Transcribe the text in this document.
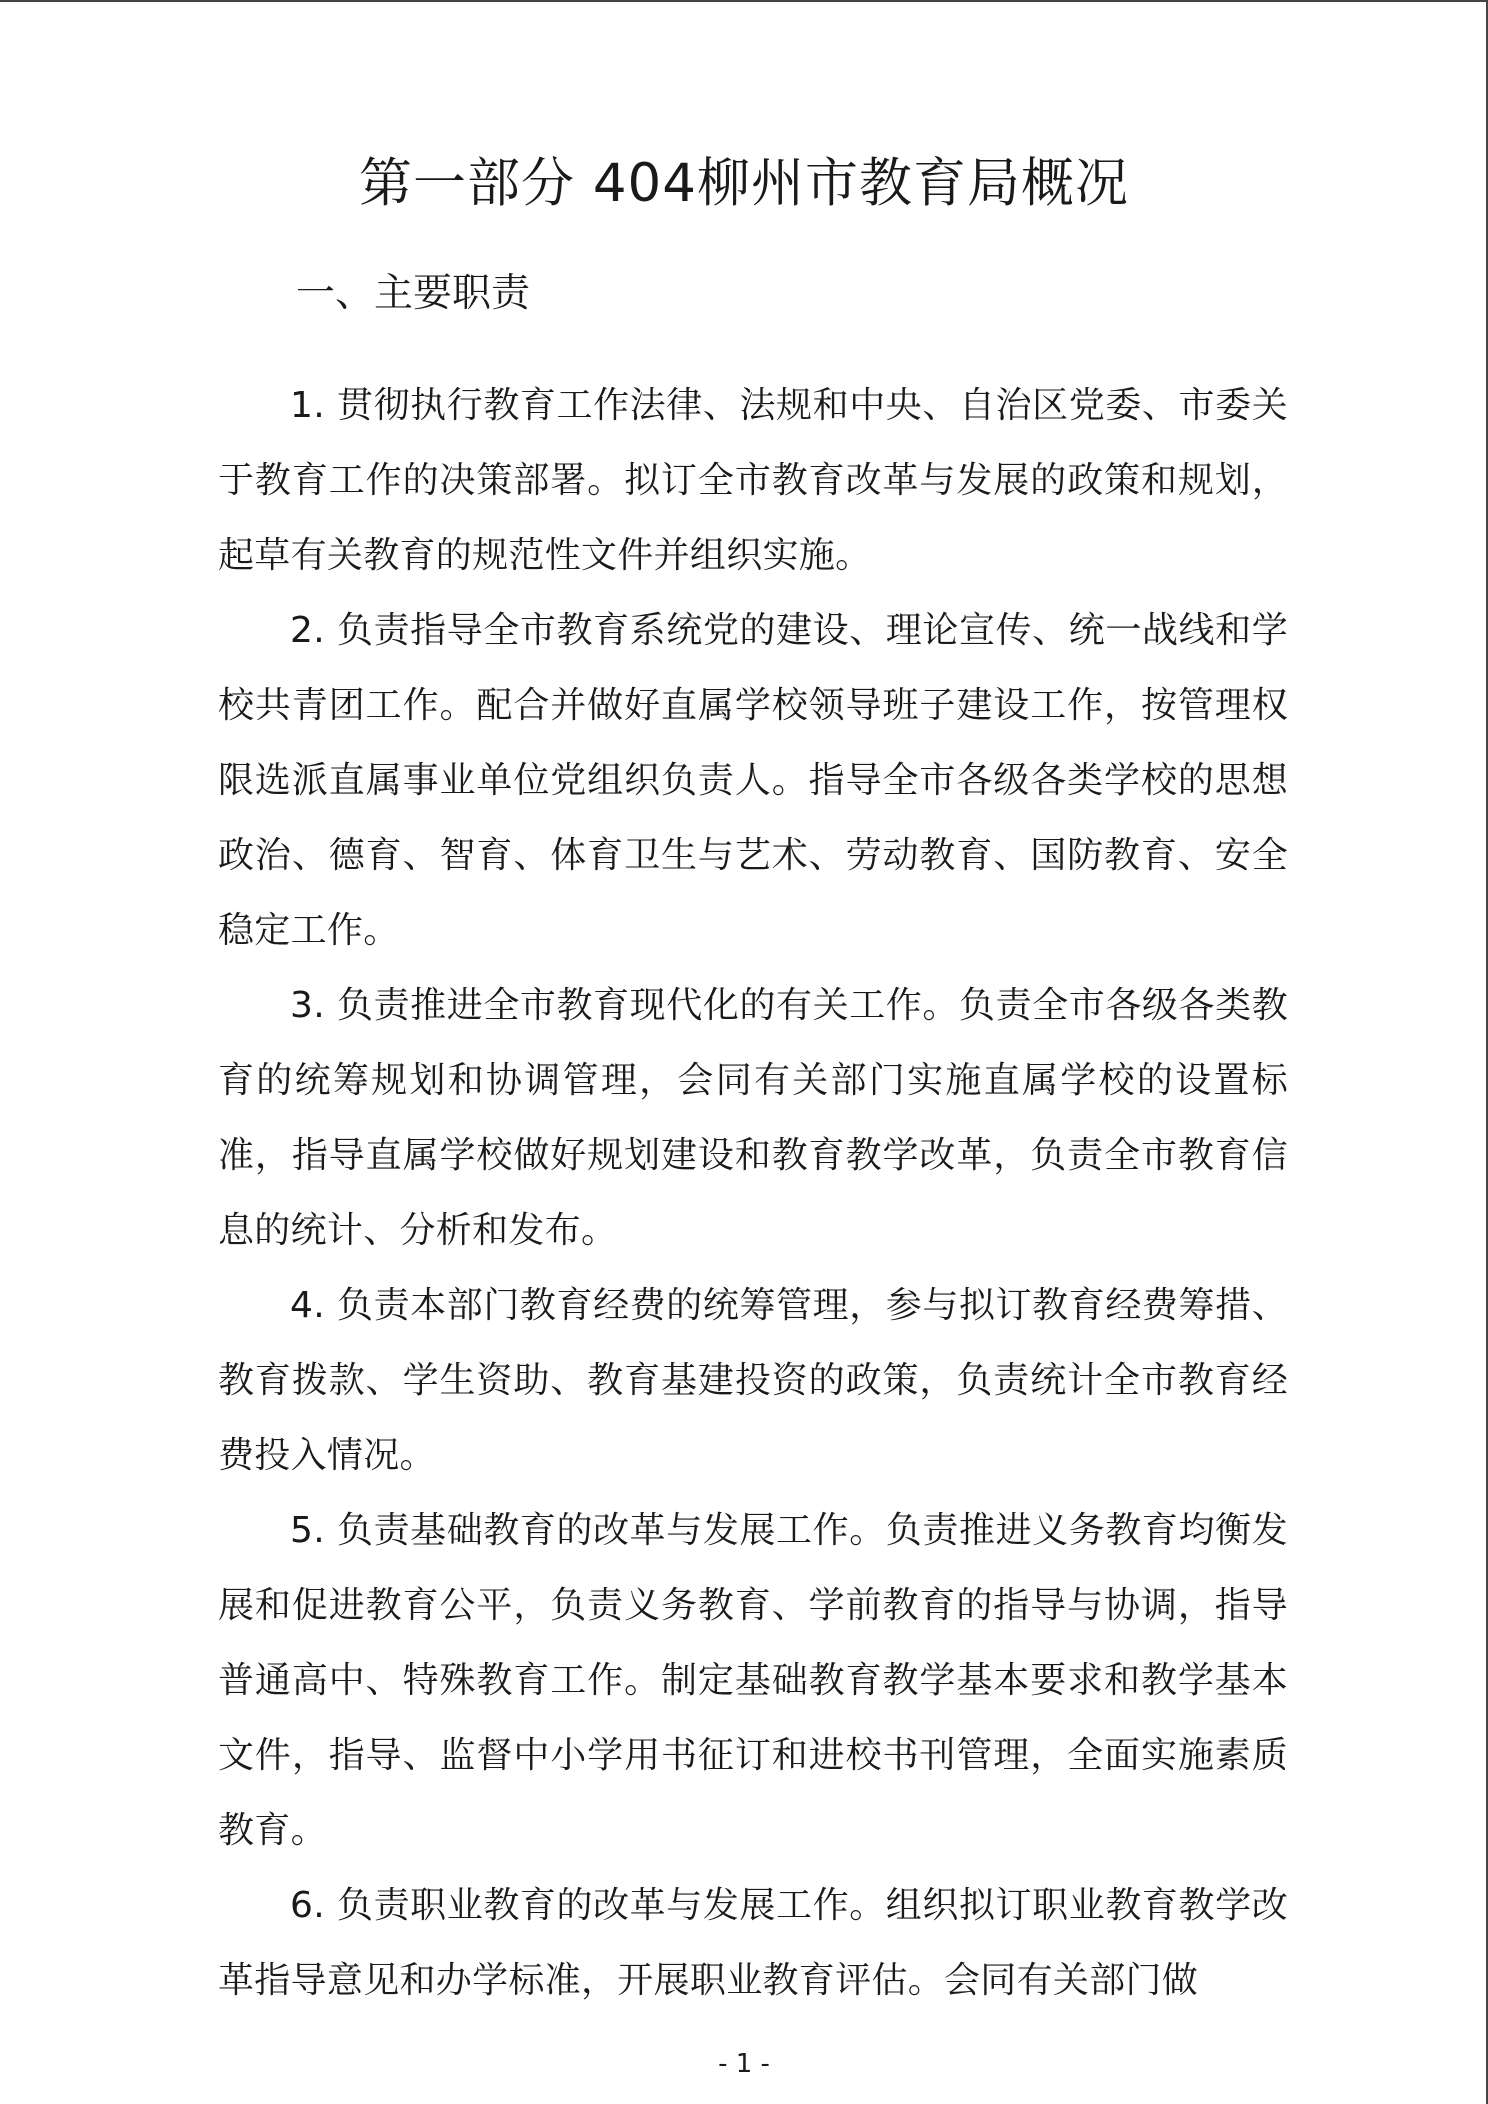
第一部分 404柳州市教育局概况
一、主要职责

1. 贯彻执行教育工作法律、法规和中央、自治区党委、市委关于教育工作的决策部署。拟订全市教育改革与发展的政策和规划，起草有关教育的规范性文件并组织实施。

2. 负责指导全市教育系统党的建设、理论宣传、统一战线和学校共青团工作。配合并做好直属学校领导班子建设工作，按管理权限选派直属事业单位党组织负责人。指导全市各级各类学校的思想政治、德育、智育、体育卫生与艺术、劳动教育、国防教育、安全稳定工作。

3. 负责推进全市教育现代化的有关工作。负责全市各级各类教育的统筹规划和协调管理，会同有关部门实施直属学校的设置标准，指导直属学校做好规划建设和教育教学改革，负责全市教育信息的统计、分析和发布。

4. 负责本部门教育经费的统筹管理，参与拟订教育经费筹措、教育拨款、学生资助、教育基建投资的政策，负责统计全市教育经费投入情况。

5. 负责基础教育的改革与发展工作。负责推进义务教育均衡发展和促进教育公平，负责义务教育、学前教育的指导与协调，指导普通高中、特殊教育工作。制定基础教育教学基本要求和教学基本文件，指导、监督中小学用书征订和进校书刊管理，全面实施素质教育。

6. 负责职业教育的改革与发展工作。组织拟订职业教育教学改革指导意见和办学标准，开展职业教育评估。会同有关部门做

- 1 -
